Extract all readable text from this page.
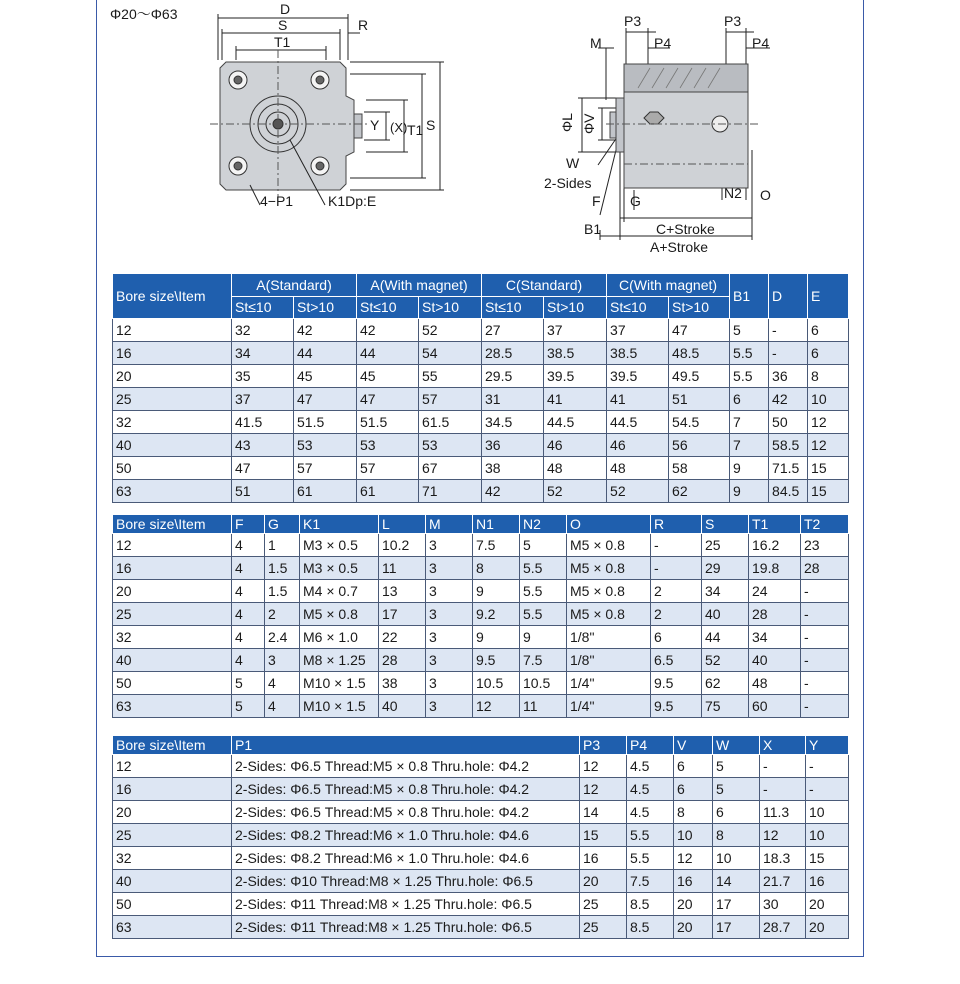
Φ20～Φ63	D
S	R
T1
Y (X) T1 S
4−P1 K1Dp:E
P3	P3
M	P4	P4
ΦL ΦV
W
2-Sides
F G	N2 O
B1	C+Stroke
A+Stroke
Bore size\Item	A(Standard)		A(With magnet)		C(Standard)		C(With magnet)		B1	D	E
	St≤10	St>10	St≤10	St>10	St≤10	St>10	St≤10	St>10			
12	32	42	42	52	27	37	37	47	5	-	6
16	34	44	44	54	28.5	38.5	38.5	48.5	5.5	-	6
20	35	45	45	55	29.5	39.5	39.5	49.5	5.5	36	8
25	37	47	47	57	31	41	41	51	6	42	10
32	41.5	51.5	51.5	61.5	34.5	44.5	44.5	54.5	7	50	12
40	43	53	53	53	36	46	46	56	7	58.5	12
50	47	57	57	67	38	48	48	58	9	71.5	15
63	51	61	61	71	42	52	52	62	9	84.5	15
Bore size\Item	F	G	K1	L	M	N1	N2	O	R	S	T1	T2
12	4	1	M3 × 0.5	10.2	3	7.5	5	M5 × 0.8	-	25	16.2	23
16	4	1.5	M3 × 0.5	11	3	8	5.5	M5 × 0.8	-	29	19.8	28
20	4	1.5	M4 × 0.7	13	3	9	5.5	M5 × 0.8	2	34	24	-
25	4	2	M5 × 0.8	17	3	9.2	5.5	M5 × 0.8	2	40	28	-
32	4	2.4	M6 × 1.0	22	3	9	9	1/8"	6	44	34	-
40	4	3	M8 × 1.25	28	3	9.5	7.5	1/8"	6.5	52	40	-
50	5	4	M10 × 1.5	38	3	10.5	10.5	1/4"	9.5	62	48	-
63	5	4	M10 × 1.5	40	3	12	11	1/4"	9.5	75	60	-
Bore size\Item	P1	P3	P4	V	W	X	Y
12	2-Sides: Φ6.5 Thread:M5 × 0.8 Thru.hole: Φ4.2	12	4.5	6	5	-	-
16	2-Sides: Φ6.5 Thread:M5 × 0.8 Thru.hole: Φ4.2	12	4.5	6	5	-	-
20	2-Sides: Φ6.5 Thread:M5 × 0.8 Thru.hole: Φ4.2	14	4.5	8	6	11.3	10
25	2-Sides: Φ8.2 Thread:M6 × 1.0 Thru.hole: Φ4.6	15	5.5	10	8	12	10
32	2-Sides: Φ8.2 Thread:M6 × 1.0 Thru.hole: Φ4.6	16	5.5	12	10	18.3	15
40	2-Sides: Φ10 Thread:M8 × 1.25 Thru.hole: Φ6.5	20	7.5	16	14	21.7	16
50	2-Sides: Φ11 Thread:M8 × 1.25 Thru.hole: Φ6.5	25	8.5	20	17	30	20
63	2-Sides: Φ11 Thread:M8 × 1.25 Thru.hole: Φ6.5	25	8.5	20	17	28.7	20
